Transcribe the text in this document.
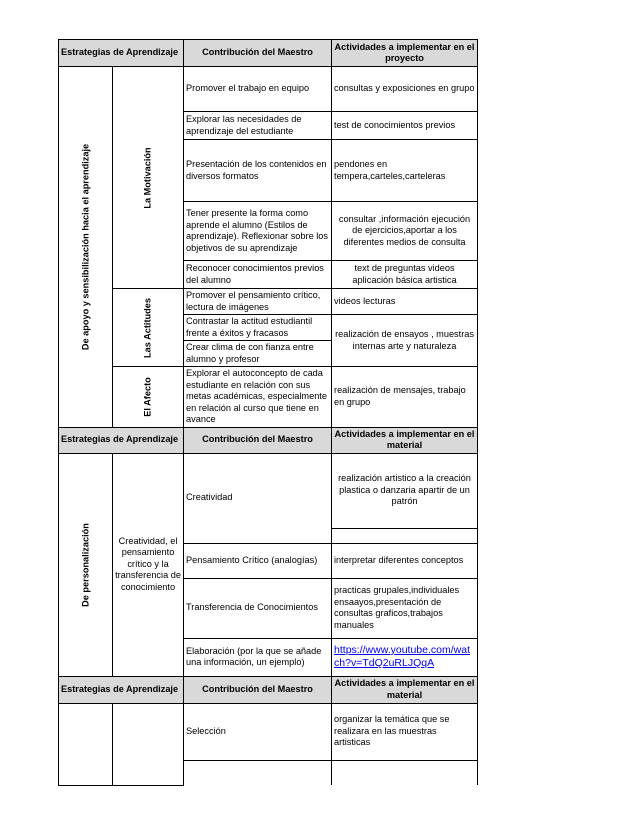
Estrategias de Aprendizaje		Contribución del Maestro	Actividades a implementar en el proyecto

De apoyo y sensibilización hacia el aprendizaje	La Motivación	Promover el trabajo en equipo	consultas y exposiciones en grupo
		Explorar las necesidades de aprendizaje del estudiante	test de conocimientos previos
		Presentación de los contenidos en diversos formatos	pendones en tempera,carteles,carteleras
		Tener presente la forma como aprende el alumno (Estilos de aprendizaje). Reflexionar sobre los objetivos de su aprendizaje	consultar ,información ejecución de ejercicios,aportar a los diferentes medios de consulta
		Reconocer conocimientos previos del alumno	text de preguntas videos aplicación básica artistica

	Las Actitudes	Promover el pensamiento crítico, lectura de imágenes	videos lecturas
		Contrastar la actitud estudiantil frente a éxitos y fracasos	realización de ensayos , muestras internas arte y naturaleza
		Crear clima de con fianza entre alumno y profesor	

	El Afecto	Explorar el autoconcepto de cada estudiante en relación con sus metas académicas, especialmente en relación al curso que tiene en avance	realización de mensajes, trabajo en grupo
Estrategias de Aprendizaje		Contribución del Maestro	Actividades a implementar en el material

De personalización	Creatividad, el pensamiento crítico y la transferencia de conocimiento	Creatividad	realización artistico a la creación plastica o danzaria apartir de un patrón

		Pensamiento Crítico (analogías)	interpretar diferentes conceptos
		Transferencia de Conocimientos	practicas grupales,individuales ensaayos,presentación de consultas graficos,trabajos manuales
		Elaboración (por la que se añade una información, un ejemplo)	https://www.youtube.com/watch?v=TdQ2uRLJQqA
Estrategias de Aprendizaje		Contribución del Maestro	Actividades a implementar en el material
		Selección	organizar la temática que se realizara en las muestras artisticas
